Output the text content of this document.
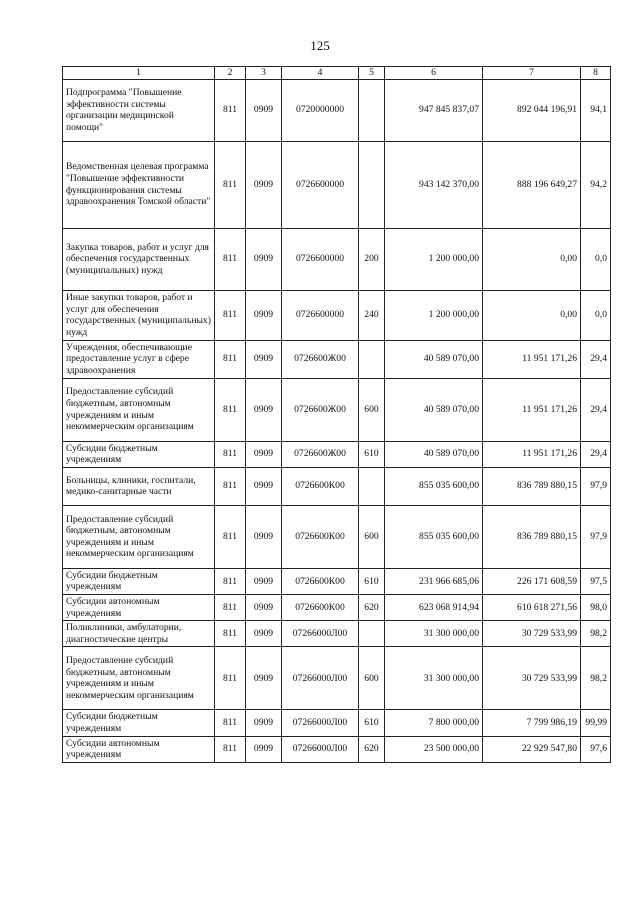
125
1	2	3	4	5	6	7	8
Подпрограмма "Повышение эффективности системы организации медицинской помощи"	811	0909	0720000000		947 845 837,07	892 044 196,91	94,1
Ведомственная целевая программа "Повышение эффективности функционирования системы здравоохранения Томской области"	811	0909	0726600000		943 142 370,00	888 196 649,27	94,2
Закупка товаров, работ и услуг для обеспечения государственных (муниципальных) нужд	811	0909	0726600000	200	1 200 000,00	0,00	0,0
Иные закупки товаров, работ и услуг для обеспечения государственных (муниципальных) нужд	811	0909	0726600000	240	1 200 000,00	0,00	0,0
Учреждения, обеспечивающие предоставление услуг в сфере здравоохранения	811	0909	0726600Ж00		40 589 070,00	11 951 171,26	29,4
Предоставление субсидий бюджетным, автономным учреждениям и иным некоммерческим организациям	811	0909	0726600Ж00	600	40 589 070,00	11 951 171,26	29,4
Субсидии бюджетным учреждениям	811	0909	0726600Ж00	610	40 589 070,00	11 951 171,26	29,4
Больницы, клиники, госпитали, медико-санитарные части	811	0909	0726600К00		855 035 600,00	836 789 880,15	97,9
Предоставление субсидий бюджетным, автономным учреждениям и иным некоммерческим организациям	811	0909	0726600К00	600	855 035 600,00	836 789 880,15	97,9
Субсидии бюджетным учреждениям	811	0909	0726600К00	610	231 966 685,06	226 171 608,59	97,5
Субсидии автономным учреждениям	811	0909	0726600К00	620	623 068 914,94	610 618 271,56	98,0
Поликлиники, амбулатории, диагностические центры	811	0909	07266000Л00		31 300 000,00	30 729 533,99	98,2
Предоставление субсидий бюджетным, автономным учреждениям и иным некоммерческим организациям	811	0909	07266000Л00	600	31 300 000,00	30 729 533,99	98,2
Субсидии бюджетным учреждениям	811	0909	07266000Л00	610	7 800 000,00	7 799 986,19	99,99
Субсидии автономным учреждениям	811	0909	07266000Л00	620	23 500 000,00	22 929 547,80	97,6
